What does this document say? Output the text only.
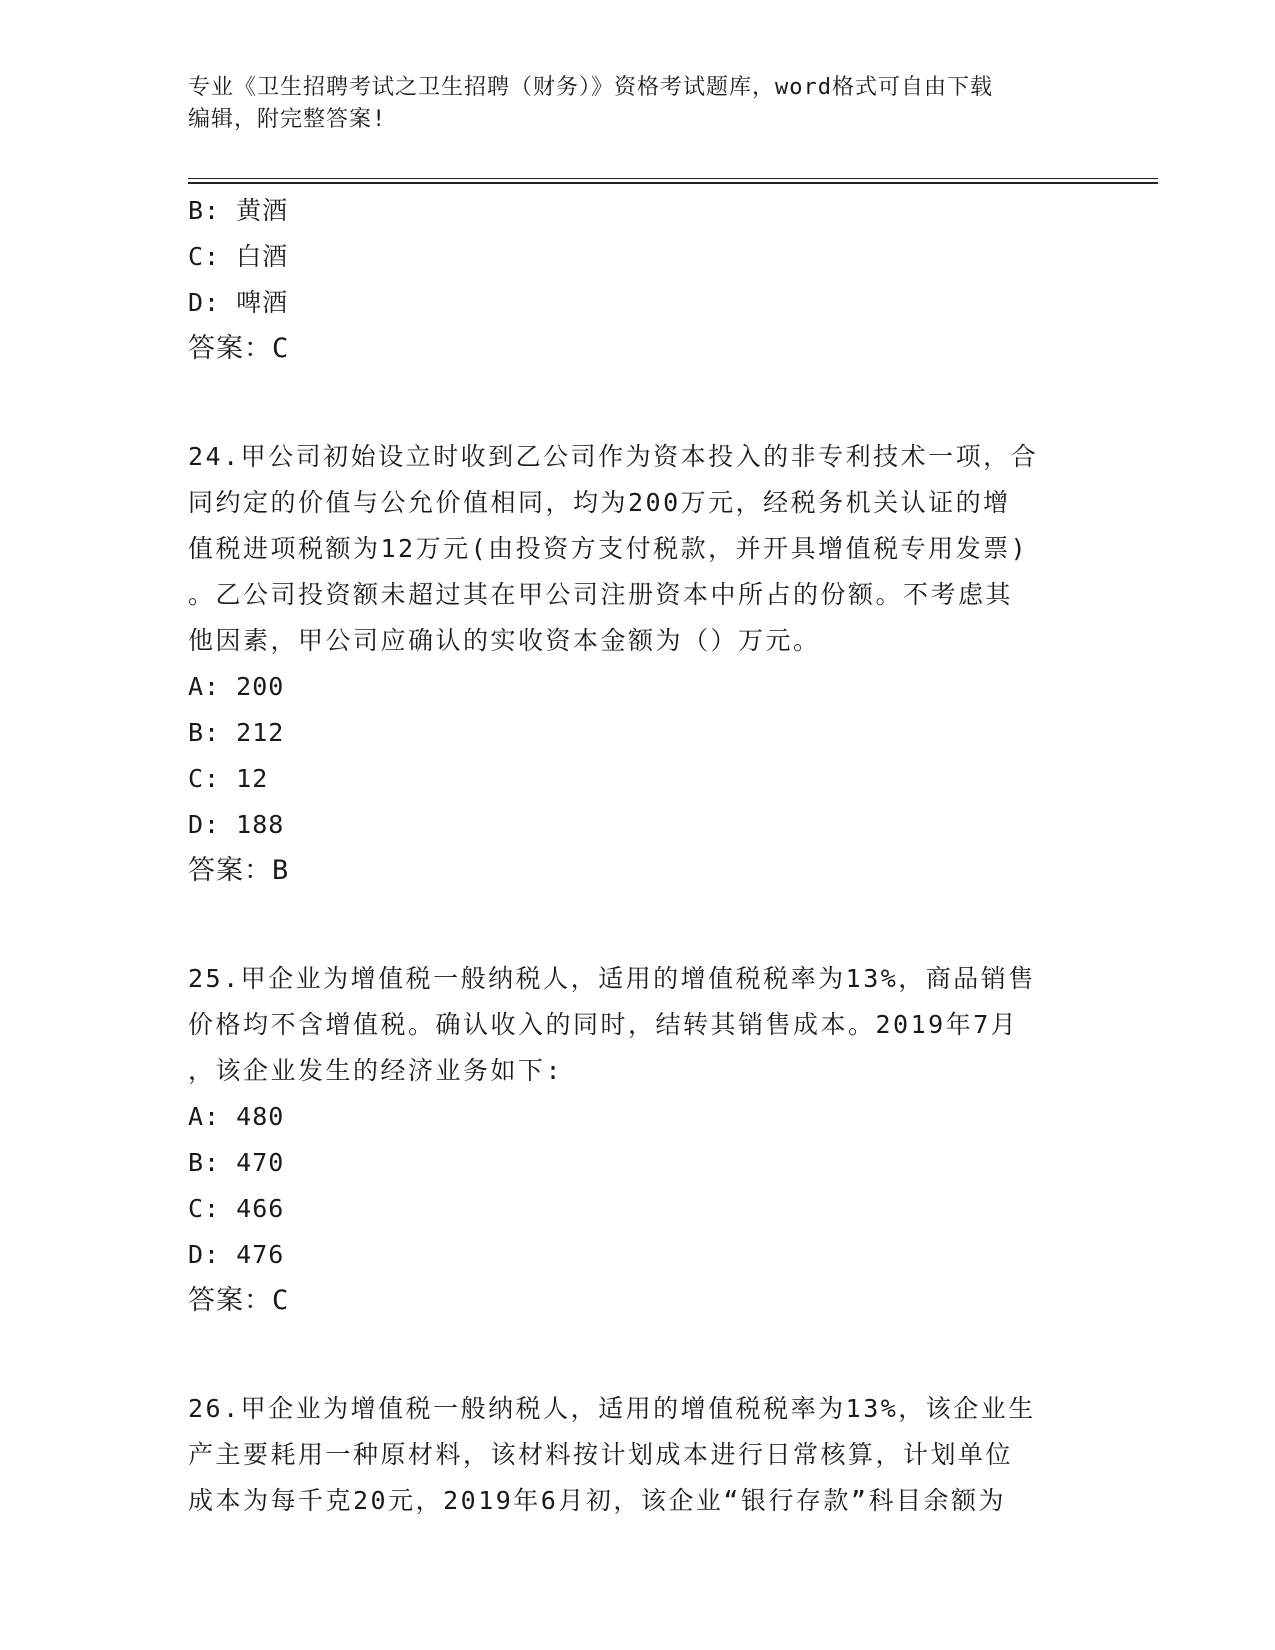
专业《卫生招聘考试之卫生招聘（财务）》资格考试题库，word格式可自由下载
编辑，附完整答案!
B: 黄酒
C: 白酒
D: 啤酒
答案：C
24.甲公司初始设立时收到乙公司作为资本投入的非专利技术一项，合
同约定的价值与公允价值相同，均为200万元，经税务机关认证的增
值税进项税额为12万元(由投资方支付税款，并开具增值税专用发票)
。乙公司投资额未超过其在甲公司注册资本中所占的份额。不考虑其
他因素，甲公司应确认的实收资本金额为（）万元。
A: 200
B: 212
C: 12
D: 188
答案：B
25.甲企业为增值税一般纳税人，适用的增值税税率为13%，商品销售
价格均不含增值税。确认收入的同时，结转其销售成本。2019年7月
，该企业发生的经济业务如下:
A: 480
B: 470
C: 466
D: 476
答案：C
26.甲企业为增值税一般纳税人，适用的增值税税率为13%，该企业生
产主要耗用一种原材料，该材料按计划成本进行日常核算，计划单位
成本为每千克20元，2019年6月初，该企业“银行存款”科目余额为
